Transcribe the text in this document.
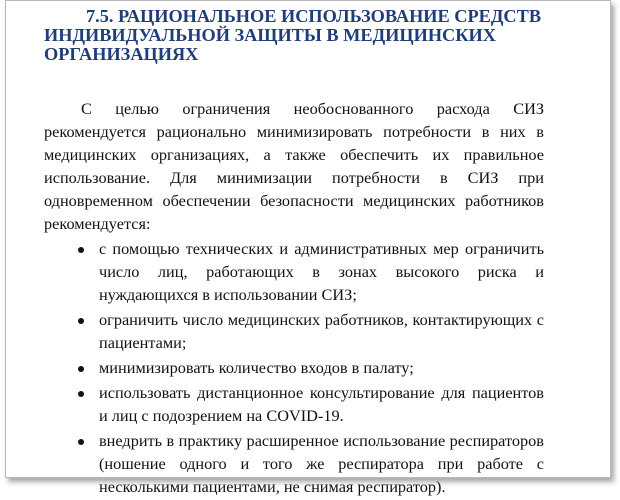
7.5. РАЦИОНАЛЬНОЕ ИСПОЛЬЗОВАНИЕ СРЕДСТВ
ИНДИВИДУАЛЬНОЙ ЗАЩИТЫ В МЕДИЦИНСКИХ
ОРГАНИЗАЦИЯХ

С целью ограничения необоснованного расхода СИЗ рекомендуется рационально минимизировать потребности в них в медицинских организациях, а также обеспечить их правильное использование. Для минимизации потребности в СИЗ при одновременном обеспечении безопасности медицинских работников рекомендуется:

с помощью технических и административных мер ограничить число лиц, работающих в зонах высокого риска и нуждающихся в использовании СИЗ;
ограничить число медицинских работников, контактирующих с пациентами;
минимизировать количество входов в палату;
использовать дистанционное консультирование для пациентов и лиц с подозрением на COVID-19.
внедрить в практику расширенное использование респираторов (ношение одного и того же респиратора при работе с несколькими пациентами, не снимая респиратор).
